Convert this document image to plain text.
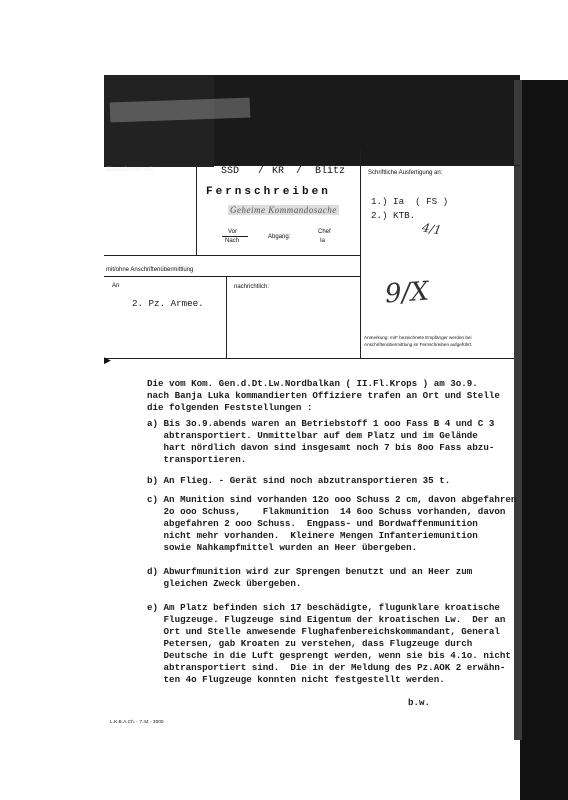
Absendervermerk	SSD / KR / Blitz
Fernschreiben
Geheime Kommandosache
Vor
Nach
Abgang:
Chef
Ia
Schriftliche Ausfertigung an:
1.) Ia  ( FS )
2.) KTB.
4/1
mit/ohne Anschriftenübermittlung
An
2. Pz. Armee.
nachrichtlich:	9/X
Anmerkung: mit* bezeichnete Empfänger werden bei
Anschriftenübermittlung im Fernschreiben aufgeführt.
▶
Die vom Kom. Gen.d.Dt.Lw.Nordbalkan ( II.Fl.Krops ) am 3o.9.
nach Banja Luka kommandierten Offiziere trafen an Ort und Stelle
die folgenden Feststellungen :
a) Bis 3o.9.abends waren an Betriebstoff 1 ooo Fass B 4 und C 3
abtransportiert. Unmittelbar auf dem Platz und im Gelände
hart nördlich davon sind insgesamt noch 7 bis 8oo Fass abzu-
transportieren.
b) An Flieg. - Gerät sind noch abzutransportieren 35 t.
c) An Munition sind vorhanden 12o ooo Schuss 2 cm, davon abgefahren
2o ooo Schuss,    Flakmunition  14 6oo Schuss vorhanden, davon
abgefahren 2 ooo Schuss.  Engpass- und Bordwaffenmunition
nicht mehr vorhanden.  Kleinere Mengen Infanteriemunition
sowie Nahkampfmittel wurden an Heer übergeben.
d) Abwurfmunition wird zur Sprengen benutzt und an Heer zum
gleichen Zweck übergeben.
e) Am Platz befinden sich 17 beschädigte, flugunklare kroatische
Flugzeuge. Flugzeuge sind Eigentum der kroatischen Lw.  Der an
Ort und Stelle anwesende Flughafenbereichskommandant, General
Petersen, gab Kroaten zu verstehen, dass Flugzeuge durch
Deutsche in die Luft gesprengt werden, wenn sie bis 4.1o. nicht
abtransportiert sind.  Die in der Meldung des Pz.AOK 2 erwähn-
ten 4o Flugzeuge konnten nicht festgestellt werden.
b.w.
L.K.B.A.Ch. - 7.44 - 3000
